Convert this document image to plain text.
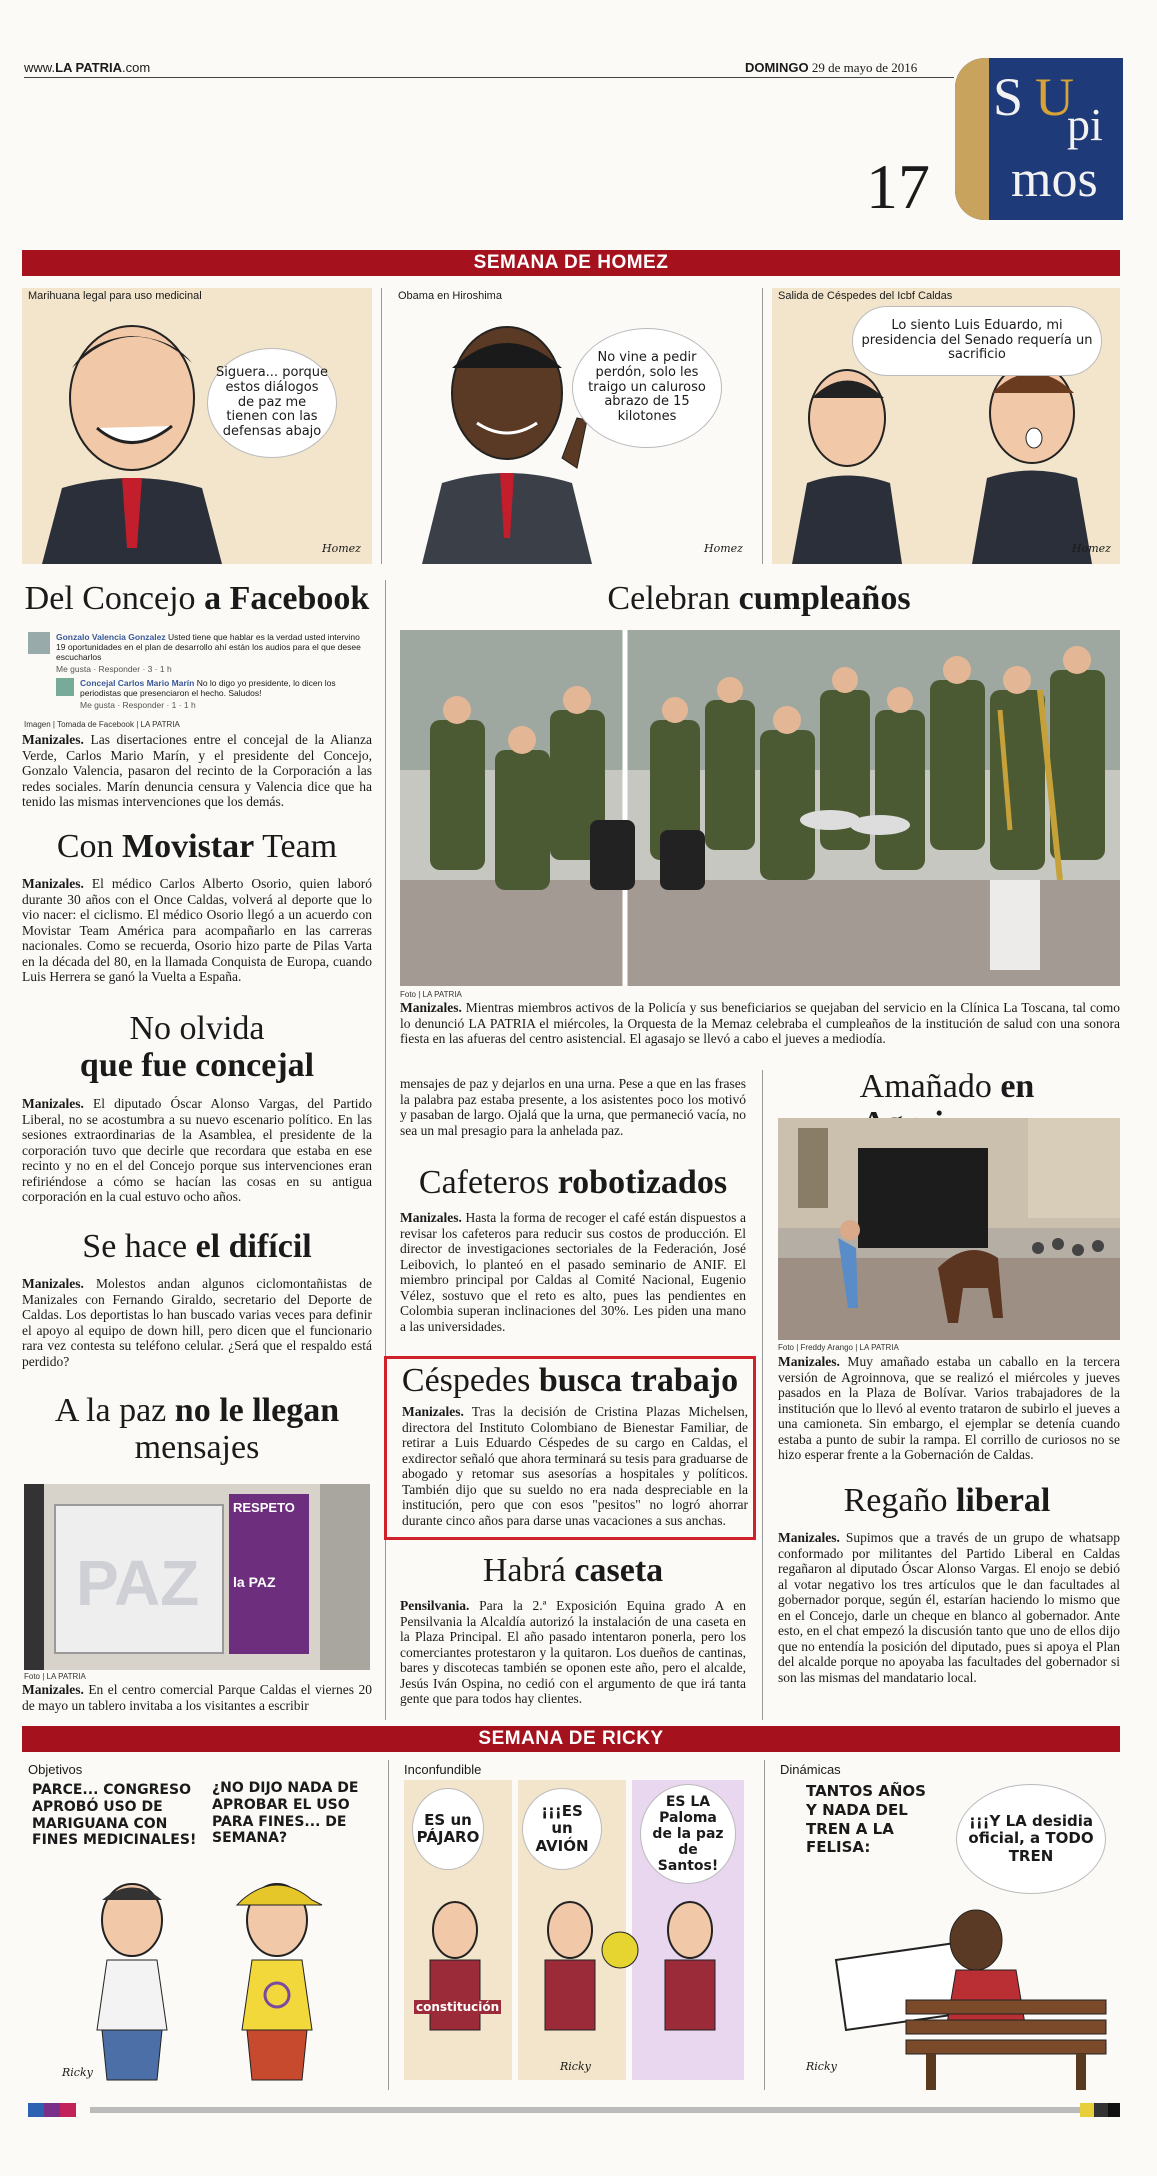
www.LA PATRIA.com	DOMINGO 29 de mayo de 2016
17
S U
pi
mos
SEMANA DE HOMEZ
Marihuana legal para uso medicinal
Siguera... porque estos diálogos de paz me tienen con las defensas abajo
Homez
Obama en Hiroshima
No vine a pedir perdón, solo les traigo un caluroso abrazo de 15 kilotones
Homez
Salida de Céspedes del Icbf Caldas
Lo siento Luis Eduardo, mi presidencia del Senado requería un sacrificio
Homez
Del Concejo a Facebook
Gonzalo Valencia Gonzalez Usted tiene que hablar es la verdad usted intervino 19 oportunidades en el plan de desarrollo ahí están los audios para el que desee escucharlos
Me gusta · Responder · 3 · 1 h
Concejal Carlos Mario Marín No lo digo yo presidente, lo dicen los periodistas que presenciaron el hecho. Saludos!
Me gusta · Responder · 1 · 1 h
Imagen | Tomada de Facebook | LA PATRIA
Manizales. Las disertaciones entre el concejal de la Alianza Verde, Carlos Mario Marín, y el presidente del Concejo, Gonzalo Valencia, pasaron del recinto de la Corporación a las redes sociales. Marín denuncia censura y Valencia dice que ha tenido las mismas intervenciones que los demás.
Con Movistar Team
Manizales. El médico Carlos Alberto Osorio, quien laboró durante 30 años con el Once Caldas, volverá al deporte que lo vio nacer: el ciclismo. El médico Osorio llegó a un acuerdo con Movistar Team América para acompañarlo en las carreras nacionales. Como se recuerda, Osorio hizo parte de Pilas Varta en la década del 80, en la llamada Conquista de Europa, cuando Luis Herrera se ganó la Vuelta a España.
No olvida
que fue concejal
Manizales. El diputado Óscar Alonso Vargas, del Partido Liberal, no se acostumbra a su nuevo escenario político. En las sesiones extraordinarias de la Asamblea, el presidente de la corporación tuvo que decirle que recordara que estaba en ese recinto y no en el del Concejo porque sus intervenciones eran refiriéndose a cómo se hacían las cosas en su antigua corporación en la cual estuvo ocho años.
Se hace el difícil
Manizales. Molestos andan algunos ciclomontañistas de Manizales con Fernando Giraldo, secretario del Deporte de Caldas. Los deportistas lo han buscado varias veces para definir el apoyo al equipo de down hill, pero dicen que el funcionario rara vez contesta su teléfono celular. ¿Será que el respaldo está perdido?
A la paz no le llegan
mensajes
PAZ
RESPETO
la PAZ
Foto | LA PATRIA
Manizales. En el centro comercial Parque Caldas el viernes 20 de mayo un tablero invitaba a los visitantes a escribir
Celebran cumpleaños
Foto | LA PATRIA
Manizales. Mientras miembros activos de la Policía y sus beneficiarios se quejaban del servicio en la Clínica La Toscana, tal como lo denunció LA PATRIA el miércoles, la Orquesta de la Memaz celebraba el cumpleaños de la institución de salud con una sonora fiesta en las afueras del centro asistencial. El agasajo se llevó a cabo el jueves a mediodía.
mensajes de paz y dejarlos en una urna. Pese a que en las frases la palabra paz estaba presente, a los asistentes poco los motivó y pasaban de largo. Ojalá que la urna, que permaneció vacía, no sea un mal presagio para la anhelada paz.
Cafeteros robotizados
Manizales. Hasta la forma de recoger el café están dispuestos a revisar los cafeteros para reducir sus costos de producción. El director de investigaciones sectoriales de la Federación, José Leibovich, lo planteó en el pasado seminario de ANIF. El miembro principal por Caldas al Comité Nacional, Eugenio Vélez, sostuvo que el reto es alto, pues las pendientes en Colombia superan inclinaciones del 30%. Les piden una mano a las universidades.
Céspedes busca trabajo
Manizales. Tras la decisión de Cristina Plazas Michelsen, directora del Instituto Colombiano de Bienestar Familiar, de retirar a Luis Eduardo Céspedes de su cargo en Caldas, el exdirector señaló que ahora terminará su tesis para graduarse de abogado y retomar sus asesorías a hospitales y políticos. También dijo que su sueldo no era nada despreciable en la institución, pero que con esos "pesitos" no logró ahorrar durante cinco años para darse unas vacaciones a sus anchas.
Habrá caseta
Pensilvania. Para la 2.ª Exposición Equina grado A en Pensilvania la Alcaldía autorizó la instalación de una caseta en la Plaza Principal. El año pasado intentaron ponerla, pero los comerciantes protestaron y la quitaron. Los dueños de cantinas, bares y discotecas también se oponen este año, pero el alcalde, Jesús Iván Ospina, no cedió con el argumento de que irá tanta gente que para todos hay clientes.
Amañado en
Foto | Freddy Arango | LA PATRIA
Manizales. Muy amañado estaba un caballo en la tercera versión de Agroinnova, que se realizó el miércoles y jueves pasados en la Plaza de Bolívar. Varios trabajadores de la institución que lo llevó al evento trataron de subirlo el jueves a una camioneta. Sin embargo, el ejemplar se detenía cuando estaba a punto de subir la rampa. El corrillo de curiosos no se hizo esperar frente a la Gobernación de Caldas.
Regaño liberal
Manizales. Supimos que a través de un grupo de whatsapp conformado por militantes del Partido Liberal en Caldas regañaron al diputado Óscar Alonso Vargas. El enojo se debió al votar negativo los tres artículos que le dan facultades al gobernador porque, según él, estarían haciendo lo mismo que en el Concejo, darle un cheque en blanco al gobernador. Ante esto, en el chat empezó la discusión tanto que uno de ellos dijo que no entendía la posición del diputado, pues si apoya el Plan del alcalde porque no apoyaba las facultades del gobernador si son las mismas del mandatario local.
SEMANA DE RICKY
Objetivos
PARCE... CONGRESO APROBÓ USO DE MARIGUANA CON FINES MEDICINALES!
¿NO DIJO NADA DE APROBAR EL USO PARA FINES... DE SEMANA?
Ricky
Inconfundible
ES un PÁJARO
¡¡¡ES un AVIÓN
ES LA Paloma de la paz de Santos!
constitución
Ricky
Dinámicas
TANTOS AÑOS Y NADA DEL TREN A LA FELISA:
¡¡¡Y LA desidia oficial, a TODO TREN
Ricky
